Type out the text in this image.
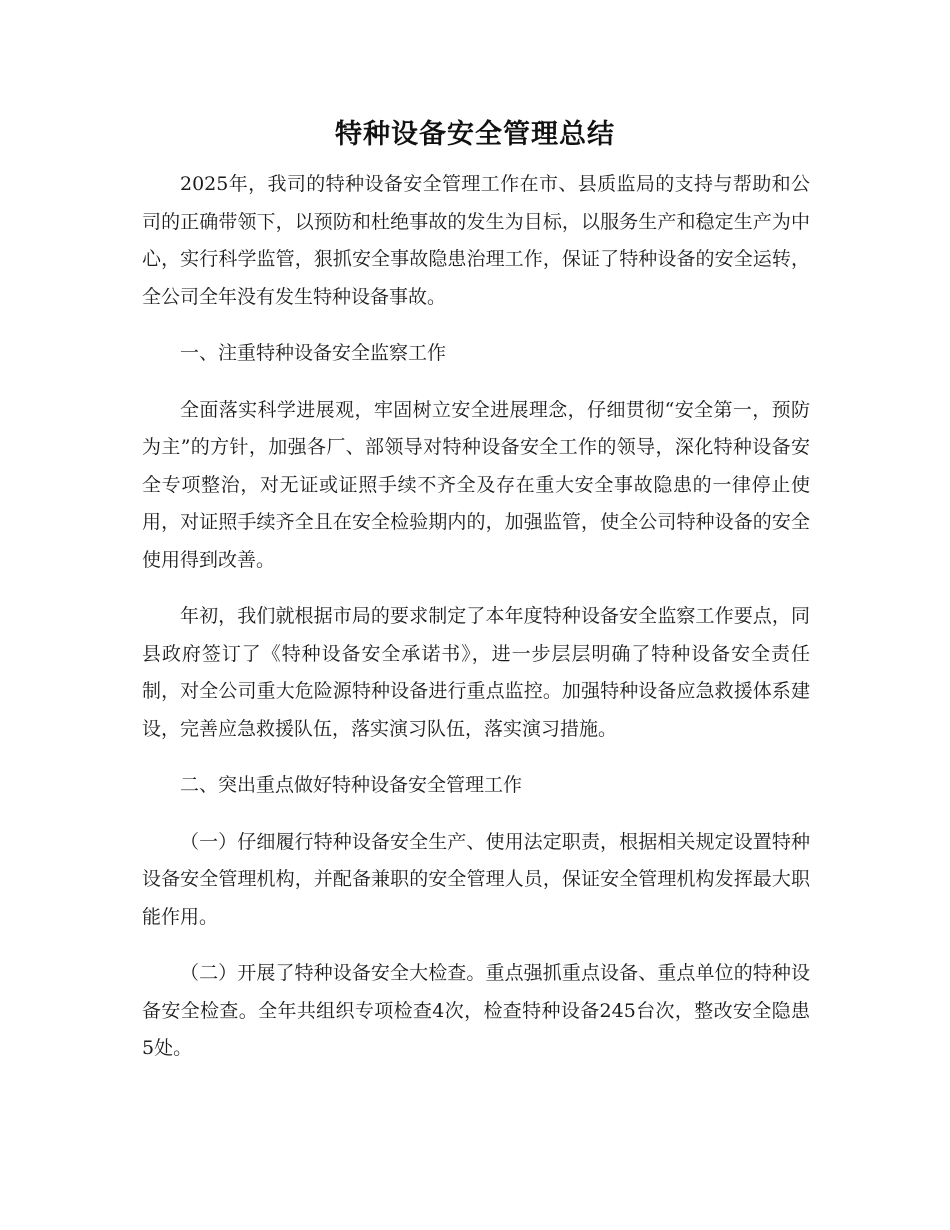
特种设备安全管理总结

2025年，我司的特种设备安全管理工作在市、县质监局的支持与帮助和公司的正确带领下，以预防和杜绝事故的发生为目标，以服务生产和稳定生产为中心，实行科学监管，狠抓安全事故隐患治理工作，保证了特种设备的安全运转，全公司全年没有发生特种设备事故。

一、注重特种设备安全监察工作

全面落实科学进展观，牢固树立安全进展理念，仔细贯彻“安全第一，预防为主”的方针，加强各厂、部领导对特种设备安全工作的领导，深化特种设备安全专项整治，对无证或证照手续不齐全及存在重大安全事故隐患的一律停止使用，对证照手续齐全且在安全检验期内的，加强监管，使全公司特种设备的安全使用得到改善。

年初，我们就根据市局的要求制定了本年度特种设备安全监察工作要点，同县政府签订了《特种设备安全承诺书》，进一步层层明确了特种设备安全责任制，对全公司重大危险源特种设备进行重点监控。加强特种设备应急救援体系建设，完善应急救援队伍，落实演习队伍，落实演习措施。

二、突出重点做好特种设备安全管理工作

（一）仔细履行特种设备安全生产、使用法定职责，根据相关规定设置特种设备安全管理机构，并配备兼职的安全管理人员，保证安全管理机构发挥最大职能作用。

（二）开展了特种设备安全大检查。重点强抓重点设备、重点单位的特种设备安全检查。全年共组织专项检查4次，检查特种设备245台次，整改安全隐患5处。
